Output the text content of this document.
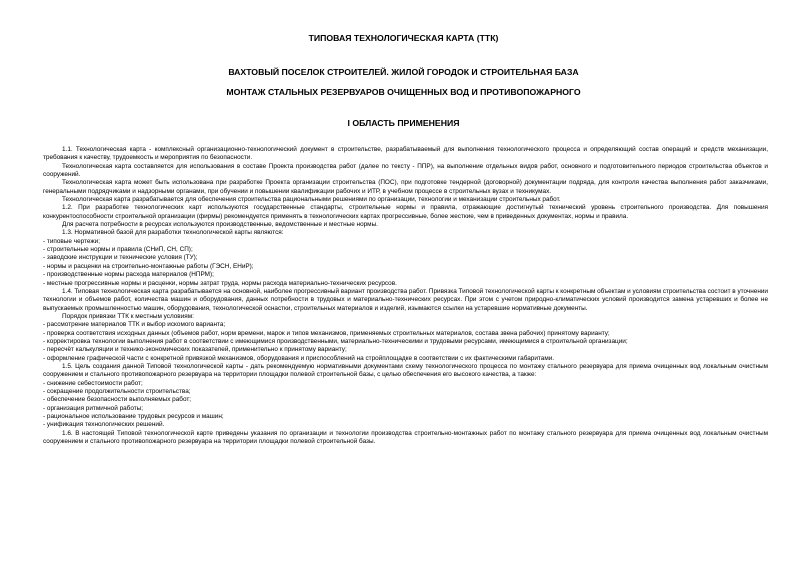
ТИПОВАЯ ТЕХНОЛОГИЧЕСКАЯ КАРТА (ТТК)
ВАХТОВЫЙ ПОСЕЛОК СТРОИТЕЛЕЙ. ЖИЛОЙ ГОРОДОК И СТРОИТЕЛЬНАЯ БАЗА
МОНТАЖ СТАЛЬНЫХ РЕЗЕРВУАРОВ ОЧИЩЕННЫХ ВОД И ПРОТИВОПОЖАРНОГО
I ОБЛАСТЬ ПРИМЕНЕНИЯ

1.1. Технологическая карта - комплексный организационно-технологический документ в строительстве, разрабатываемый для выполнения технологического процесса и определяющий состав операций и средств механизации, требования к качеству, трудоемкость и мероприятия по безопасности.

Технологическая карта составляется для использования в составе Проекта производства работ (далее по тексту - ППР), на выполнение отдельных видов работ, основного и подготовительного периодов строительства объектов и сооружений.

Технологическая карта может быть использована при разработке Проекта организации строительства (ПОС), при подготовке тендерной (договорной) документации подряда, для контроля качества выполнения работ заказчиками, генеральными подрядчиками и надзорными органами, при обучении и повышении квалификации рабочих и ИТР, в учебном процессе в строительных вузах и техникумах.

Технологическая карта разрабатывается для обеспечения строительства рациональными решениями по организации, технологии и механизации строительных работ.

1.2. При разработке технологических карт используются государственные стандарты, строительные нормы и правила, отражающие достигнутый технический уровень строительного производства. Для повышения конкурентоспособности строительной организации (фирмы) рекомендуется применять в технологических картах прогрессивные, более жесткие, чем в приведенных документах, нормы и правила.

Для расчета потребности в ресурсах используются производственные, ведомственные и местные нормы.

1.3. Нормативной базой для разработки технологической карты являются:

- типовые чертежи;

- строительные нормы и правила (СНиП, СН, СП);

- заводские инструкции и технические условия (ТУ);

- нормы и расценки на строительно-монтажные работы (ГЭСН, ЕНиР);

- производственные нормы расхода материалов (НПРМ);

- местные прогрессивные нормы и расценки, нормы затрат труда, нормы расхода материально-технических ресурсов.

1.4. Типовая технологическая карта разрабатывается на основной, наиболее прогрессивный вариант производства работ. Привязка Типовой технологической карты к конкретным объектам и условиям строительства состоит в уточнении технологии и объемов работ, количества машин и оборудования, данных потребности в трудовых и материально-технических ресурсах. При этом с учетом природно-климатических условий производится замена устаревших и более не выпускаемых промышленностью машин, оборудования, технологической оснастки, строительных материалов и изделий, изымаются ссылки на устаревшие нормативные документы.

Порядок привязки ТТК к местным условиям:

- рассмотрение материалов ТТК и выбор искомого варианта;

- проверка соответствия исходных данных (объемов работ, норм времени, марок и типов механизмов, применяемых строительных материалов, состава звена рабочих) принятому варианту;

- корректировка технологии выполнения работ в соответствии с имеющимися производственными, материально-техническими и трудовыми ресурсами, имеющимися в строительной организации;

- пересчёт калькуляции и технико-экономических показателей, применительно к принятому варианту;

- оформление графической части с конкретной привязкой механизмов, оборудования и приспособлений на стройплощадке в соответствии с их фактическими габаритами.

1.5. Цель создания данной Типовой технологической карты - дать рекомендуемую нормативными документами схему технологического процесса по монтажу стального резервуара для приема очищенных вод локальным очистным сооружением и стального противопожарного резервуара на территории площадки полевой строительной базы, с целью обеспечения его высокого качества, а также:

- снижение себестоимости работ;

- сокращение продолжительности строительства;

- обеспечение безопасности выполняемых работ;

- организация ритмичной работы;

- рациональное использование трудовых ресурсов и машин;

- унификация технологических решений.

1.6. В настоящей Типовой технологической карте приведены указания по организации и технологии производства строительно-монтажных работ по монтажу стального резервуара для приема очищенных вод локальным очистным сооружением и стального противопожарного резервуара на территории площадки полевой строительной базы.
